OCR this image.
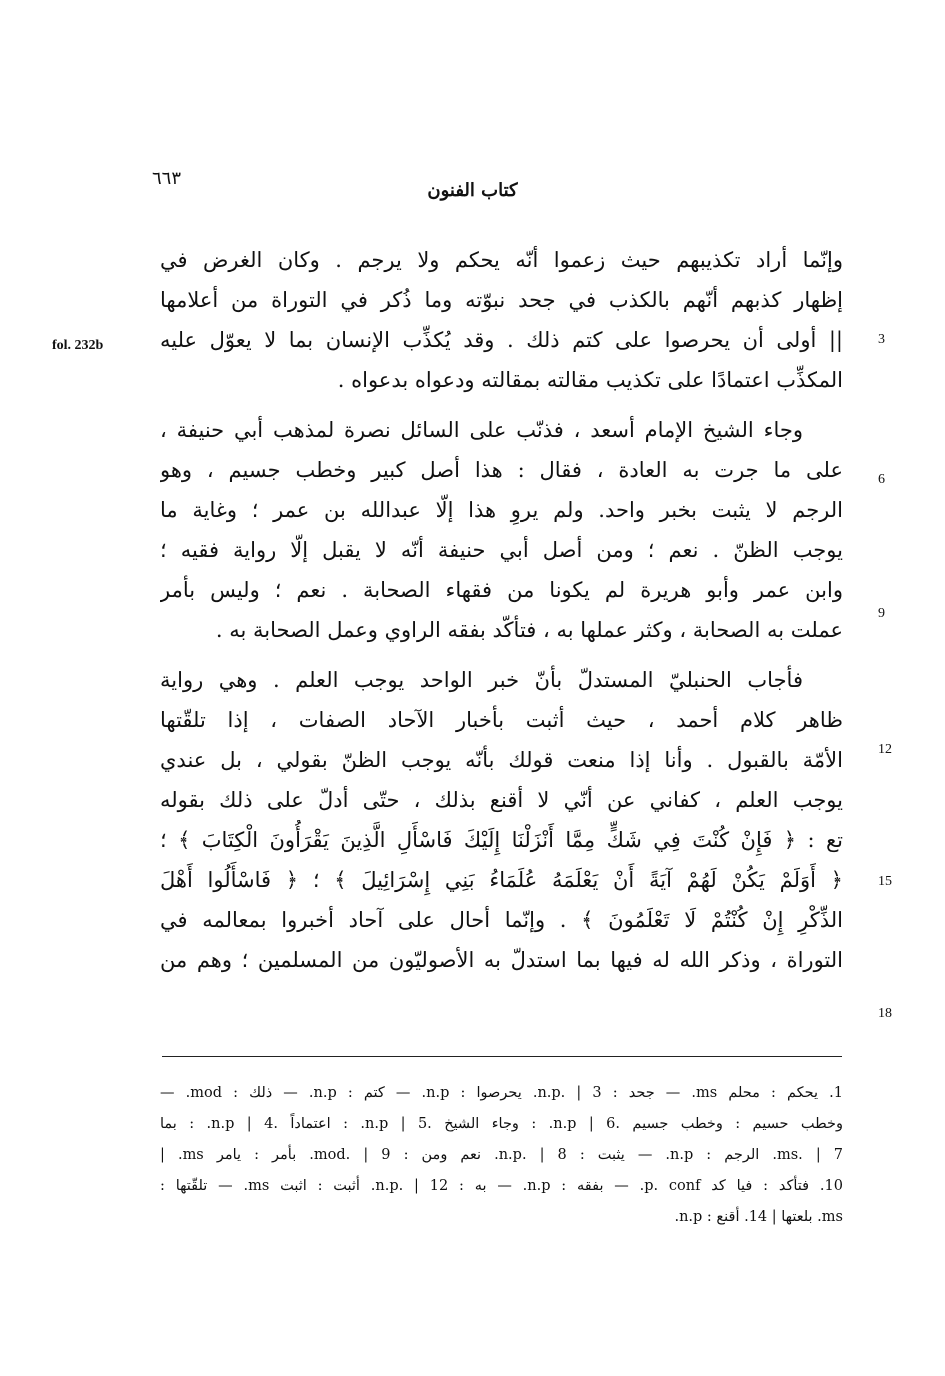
٦٦٣
كتاب الفنون
fol. 232b	3
6
9
12
15
18
وإنّما أراد تكذيبهم حيث زعموا أنّه يحكم ولا يرجم . وكان الغرض في
إظهار كذبهم أنّهم بالكذب في جحد نبوّته وما ذُكر في التوراة من أعلامها
|| أولى أن يحرصوا على كتم ذلك . وقد يُكذِّب الإنسان بما لا يعوّل عليه
المكذِّب اعتمادًا على تكذيب مقالته بمقالته ودعواه بدعواه .
وجاء الشيخ الإمام أسعد ، فذنّب على السائل نصرة لمذهب أبي حنيفة ،
على ما جرت به العادة ، فقال : هذا أصل كبير وخطب جسيم ، وهو
الرجم لا يثبت بخبر واحد. ولم يروِ هذا إلّا عبدالله بن عمر ؛ وغاية ما
يوجب الظنّ . نعم ؛ ومن أصل أبي حنيفة أنّه لا يقبل إلّا رواية فقيه ؛
وابن عمر وأبو هريرة لم يكونا من فقهاء الصحابة . نعم ؛ وليس بأمر
عملت به الصحابة ، وكثر عملها به ، فتأكّد بفقه الراوي وعمل الصحابة به .
فأجاب الحنبليّ المستدلّ بأنّ خبر الواحد يوجب العلم . وهي رواية
ظاهر كلام أحمد ، حيث أثبت بأخبار الآحاد الصفات ، إذا تلقّتها
الأمّة بالقبول . وأنا إذا منعت قولك بأنّه يوجب الظنّ بقولي ، بل عندي
يوجب العلم ، كفاني عن أنّي لا أقنع بذلك ، حتّى أدلّ على ذلك بقوله
تع : ﴿ فَإِنْ كُنْتَ فِي شَكٍّ مِمَّا أَنْزَلْنَا إِلَيْكَ فَاسْأَلِ الَّذِينَ يَقْرَأُونَ الْكِتَابَ ﴾ ؛
﴿ أَوَلَمْ يَكُنْ لَهُمْ آيَةً أَنْ يَعْلَمَهُ عُلَمَاءُ بَنِي إِسْرَائِيلَ ﴾ ؛ ﴿ فَاسْأَلُوا أَهْلَ
الذِّكْرِ إِنْ كُنْتُمْ لَا تَعْلَمُونَ ﴾ . وإنّما أحال على آحاد أخبروا بمعالمه في
التوراة ، وذكر الله له فيها بما استدلّ به الأصوليّون من المسلمين ؛ وهم من
1. يحكم : محلم ms. — جحد : n.p. | 3. يحرصوا : n.p. — كتم : n.p. — ذلك : mod. —
وخطب حسيم : وخطب جسيم .6 | n.p. : وجاء الشيخ .5 | n.p. : اعتماداً .4 | n.p. : بما
ms. | 7. الرجم : n.p. — يثبت : n.p. | 8. نعم ومن : mod. | 9. بأمر : يامر ms. |
10. فتأكد : فيا كد p. conf. — بفقه : n.p. — به : n.p. | 12. أثبت : اثبت ms. — تلقّتها :
ms. بلعتها | 14. أقنع : n.p.
